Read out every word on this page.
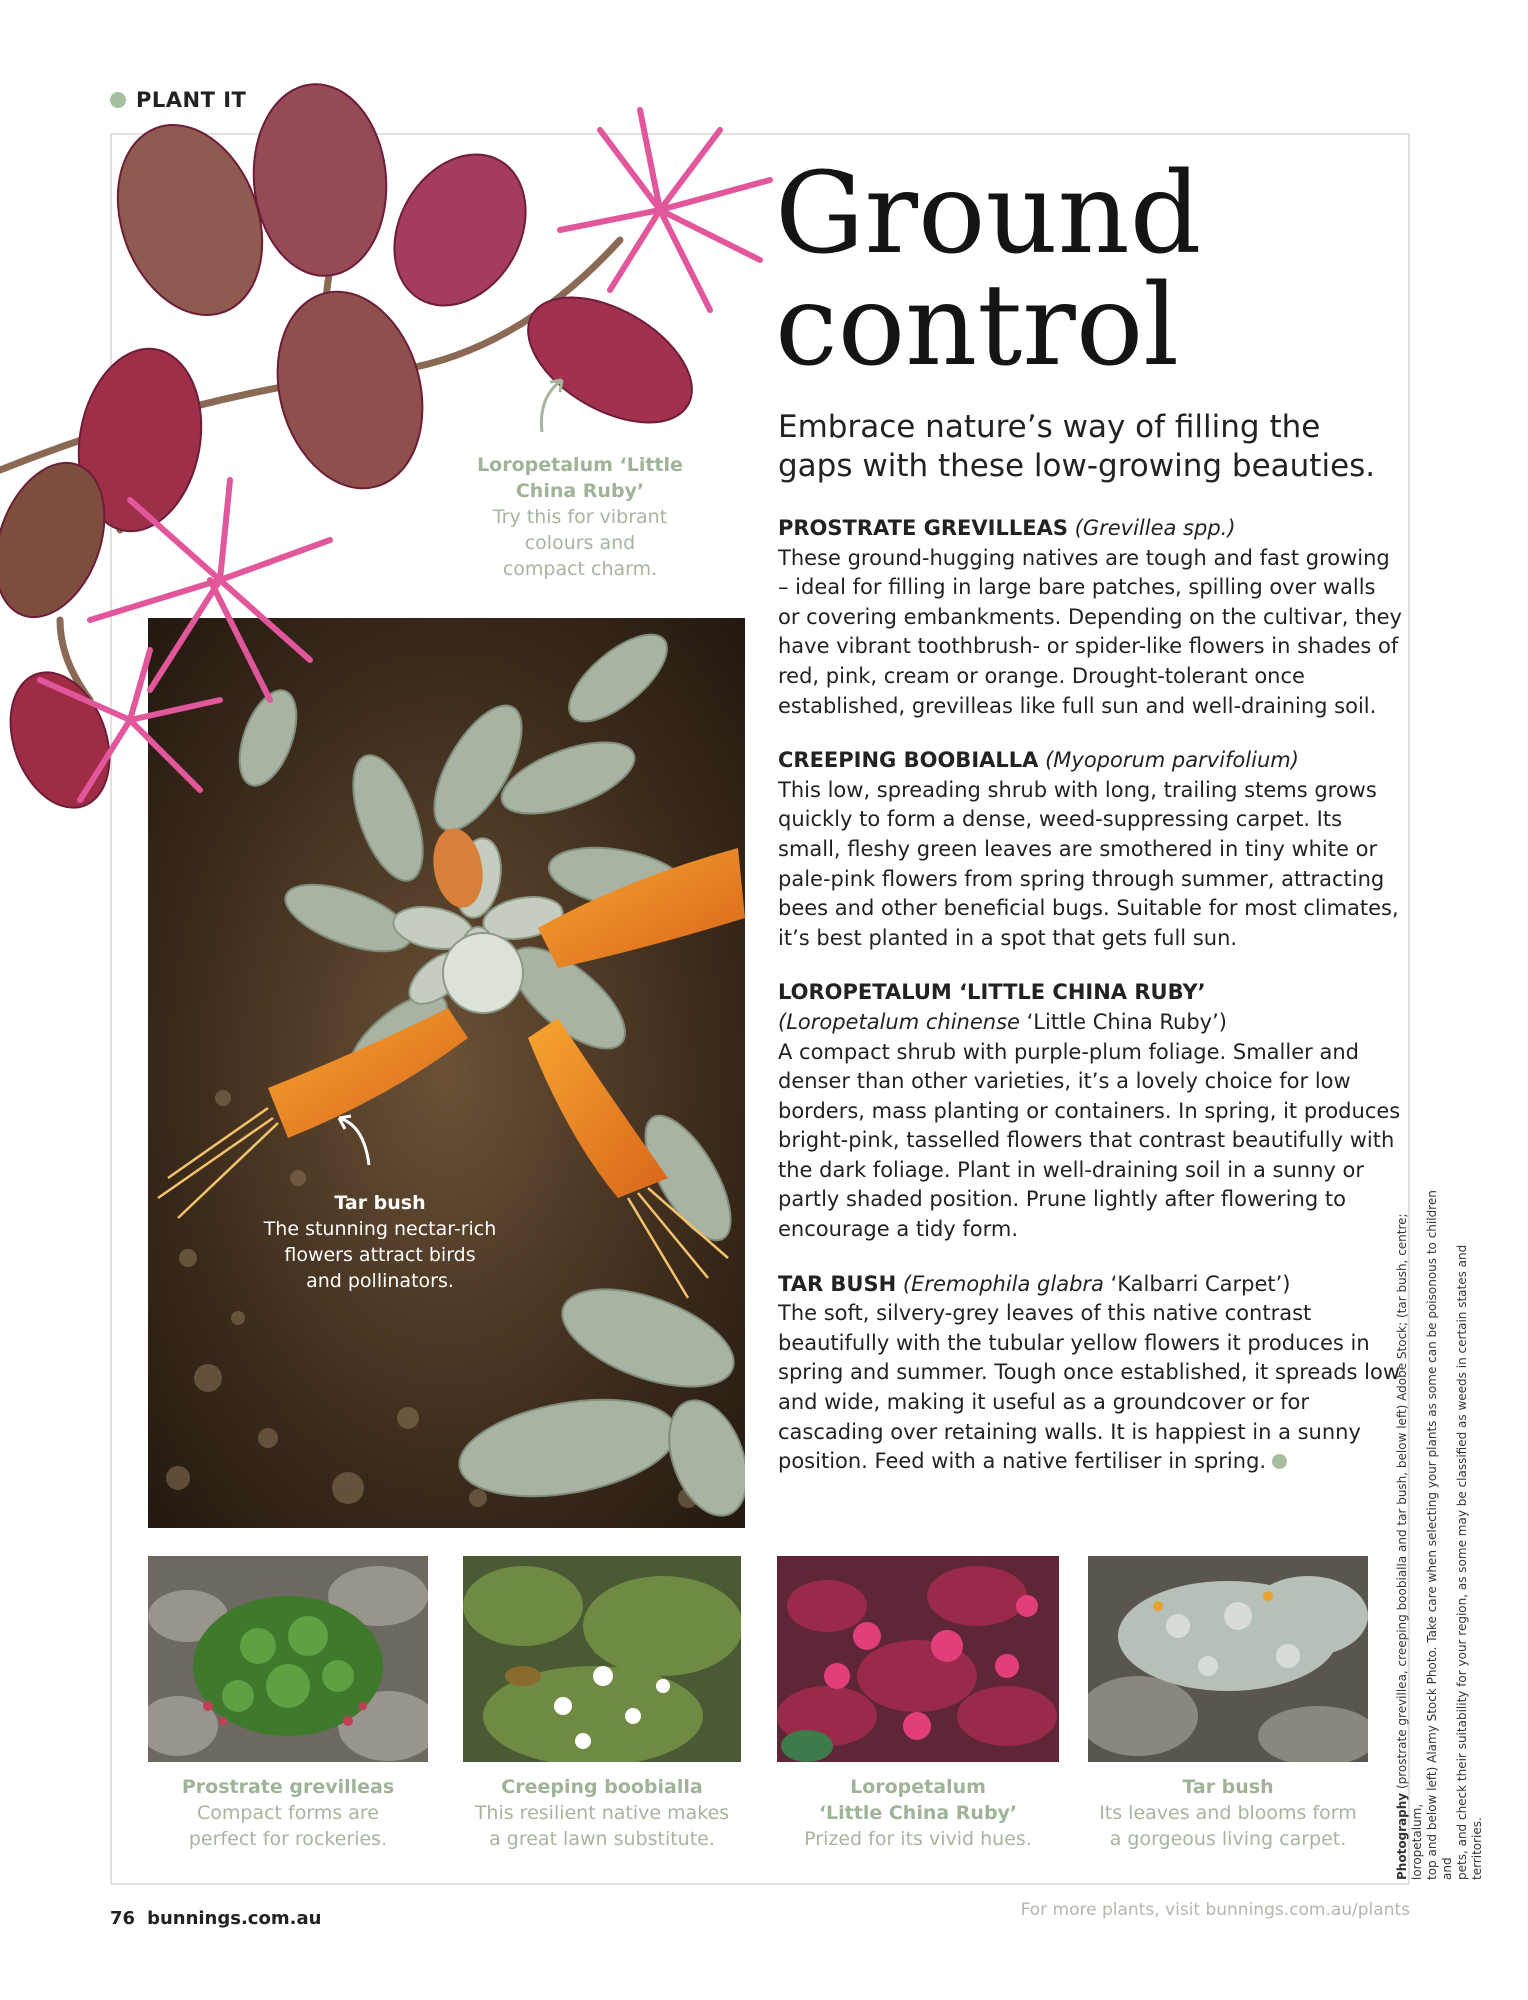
PLANT IT
Tar bush
The stunning nectar-rich
flowers attract birds
and pollinators.
Loropetalum ‘Little
China Ruby’
Try this for vibrant
colours and
compact charm.
Ground
control
Embrace nature’s way of filling the gaps with these low-growing beauties.

PROSTRATE GREVILLEAS (Grevillea spp.)

These ground-hugging natives are tough and fast growing – ideal for filling in large bare patches, spilling over walls or covering embankments. Depending on the cultivar, they have vibrant toothbrush- or spider-like flowers in shades of red, pink, cream or orange. Drought-tolerant once established, grevilleas like full sun and well-draining soil.

CREEPING BOOBIALLA (Myoporum parvifolium)

This low, spreading shrub with long, trailing stems grows quickly to form a dense, weed-suppressing carpet. Its small, fleshy green leaves are smothered in tiny white or pale-pink flowers from spring through summer, attracting bees and other beneficial bugs. Suitable for most climates, it’s best planted in a spot that gets full sun.

LOROPETALUM ‘LITTLE CHINA RUBY’

(Loropetalum chinense ‘Little China Ruby’)

A compact shrub with purple-plum foliage. Smaller and denser than other varieties, it’s a lovely choice for low borders, mass planting or containers. In spring, it produces bright-pink, tasselled flowers that contrast beautifully with the dark foliage. Plant in well-draining soil in a sunny or partly shaded position. Prune lightly after flowering to encourage a tidy form.

TAR BUSH (Eremophila glabra ‘Kalbarri Carpet’)

The soft, silvery-grey leaves of this native contrast beautifully with the tubular yellow flowers it produces in spring and summer. Tough once established, it spreads low and wide, making it useful as a groundcover or for cascading over retaining walls. It is happiest in a sunny position. Feed with a native fertiliser in spring.

Prostrate grevilleas
Compact forms are
perfect for rockeries.
Creeping boobialla
This resilient native makes
a great lawn substitute.
Loropetalum
‘Little China Ruby’
Prized for its vivid hues.
Tar bush
Its leaves and blooms form
a gorgeous living carpet.	Photography (prostrate grevillea, creeping boobialla and tar bush, below left) Adobe Stock; (tar bush, centre; loropetalum, top and below left) Alamy Stock Photo. Take care when selecting your plants as some can be poisonous to children and pets, and check their suitability for your region, as some may be classified as weeds in certain states and territories.
76 bunnings.com.au	For more plants, visit bunnings.com.au/plants
